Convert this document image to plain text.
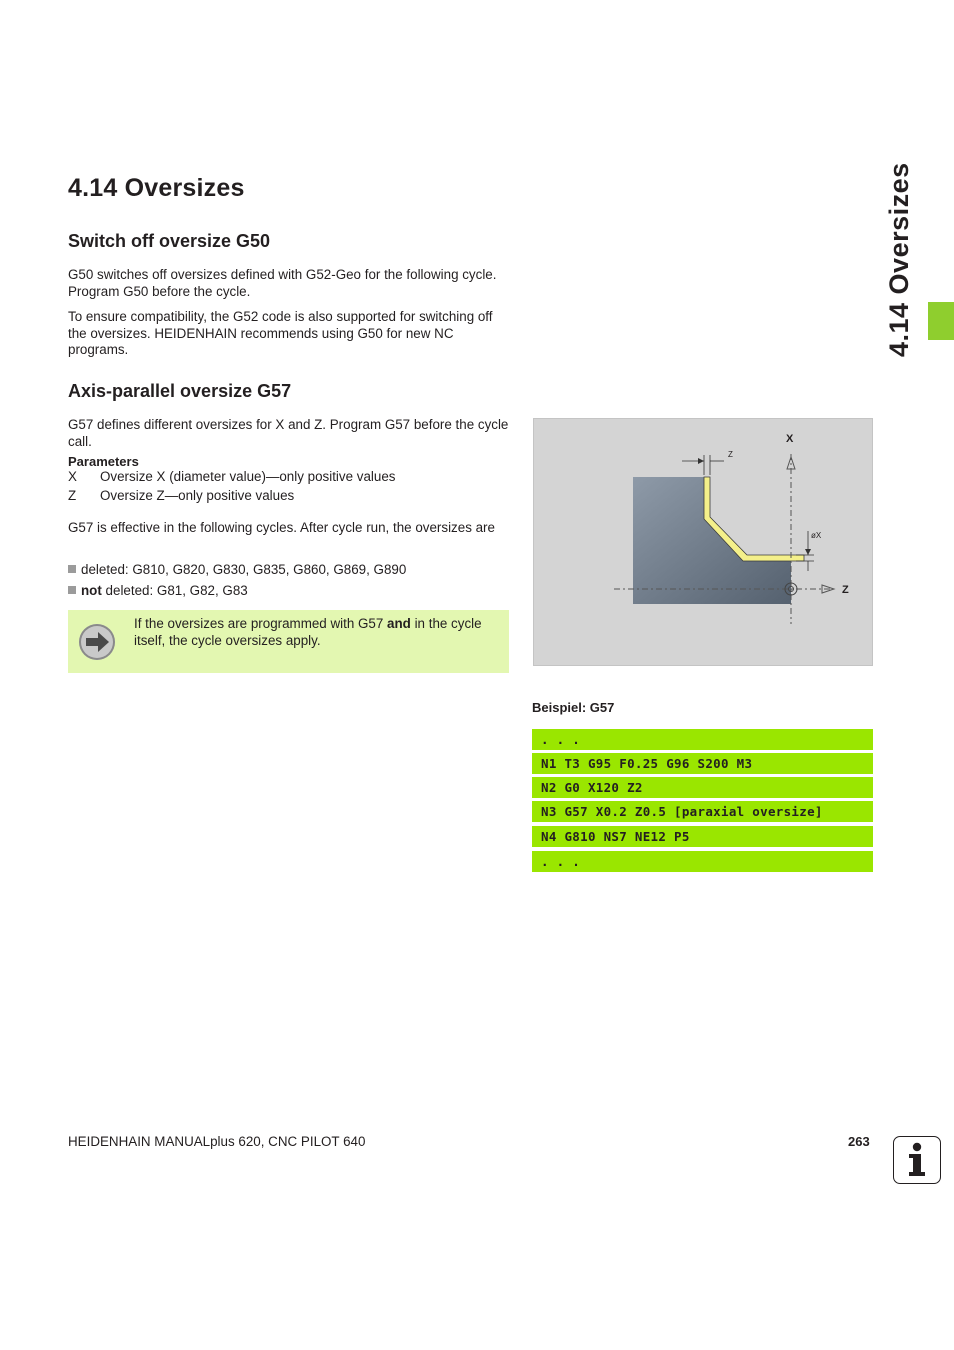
4.14 Oversizes
4.14 Oversizes
Switch off oversize G50

G50 switches off oversizes defined with G52-Geo for the following cycle. Program G50 before the cycle.

To ensure compatibility, the G52 code is also supported for switching off the oversizes. HEIDENHAIN recommends using G50 for new NC programs.

Axis-parallel oversize G57

G57 defines different oversizes for X and Z. Program G57 before the cycle call.

Parameters
X Oversize X (diameter value)—only positive values
Z Oversize Z—only positive values

G57 is effective in the following cycles. After cycle run, the oversizes are

deleted: G810, G820, G830, G835, G860, G869, G890
not deleted: G81, G82, G83
If the oversizes are programmed with G57 and in the cycle itself, the cycle oversizes apply.
X
Z
Z
øX
Beispiel: G57
. . .
N1 T3 G95 F0.25 G96 S200 M3
N2 G0 X120 Z2
N3 G57 X0.2 Z0.5 [paraxial oversize]
N4 G810 NS7 NE12 P5
. . .
HEIDENHAIN MANUALplus 620, CNC PILOT 640	263
